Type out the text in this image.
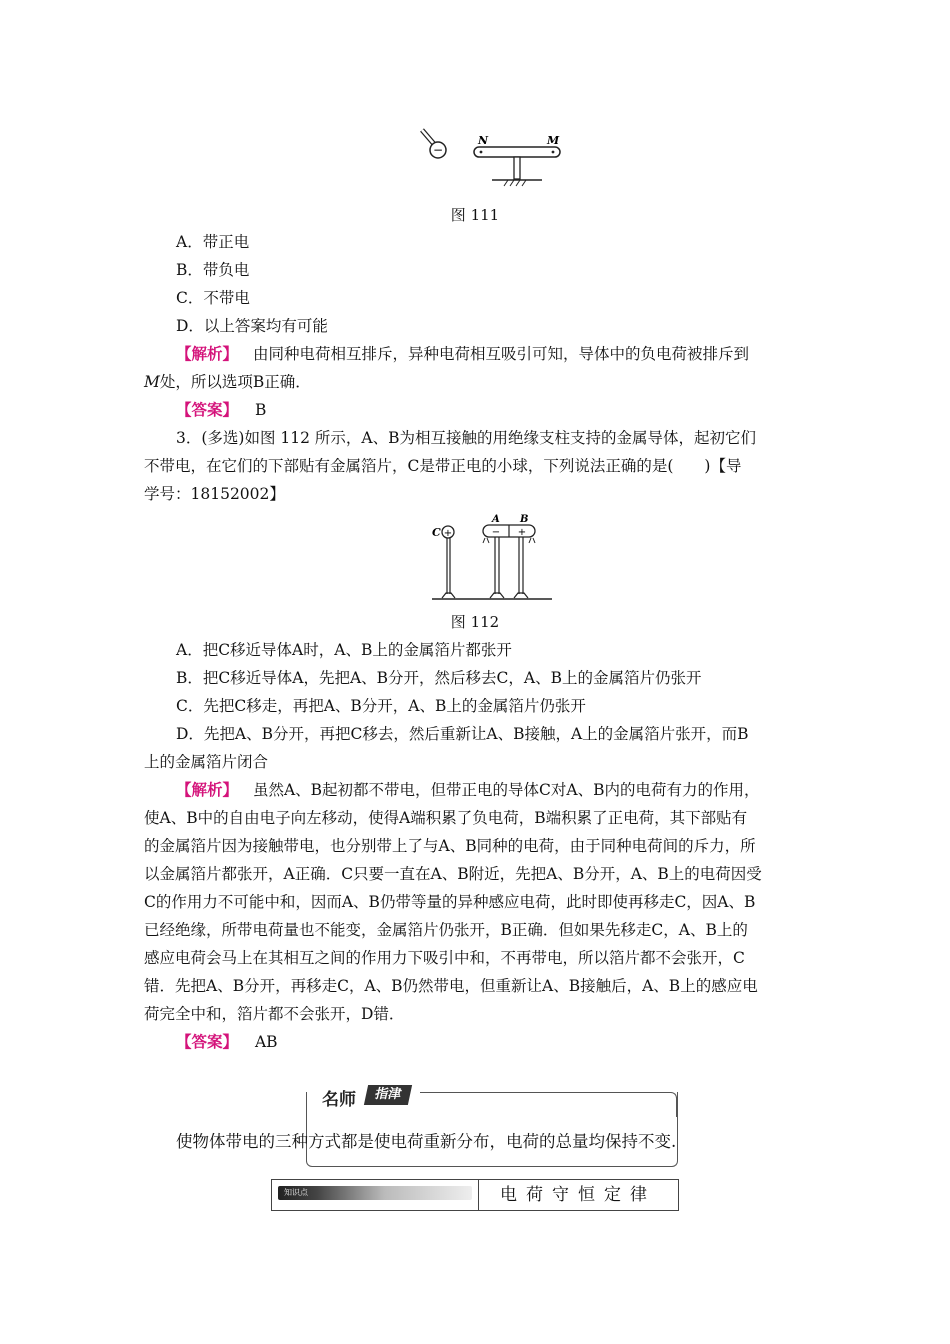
−
N	M
图 111
A．带正电
B．带负电
C．不带电
D．以上答案均有可能
【解析】 由同种电荷相互排斥，异种电荷相互吸引可知，导体中的负电荷被排斥到
M处，所以选项B正确．
【答案】 B
3．(多选)如图 112 所示，A、B为相互接触的用绝缘支柱支持的金属导体，起初它们
不带电，在它们的下部贴有金属箔片，C是带正电的小球，下列说法正确的是(　　)【导
学号：18152002】
C +
A B
− +
图 112
A．把C移近导体A时，A、B上的金属箔片都张开
B．把C移近导体A，先把A、B分开，然后移去C，A、B上的金属箔片仍张开
C．先把C移走，再把A、B分开，A、B上的金属箔片仍张开
D．先把A、B分开，再把C移去，然后重新让A、B接触，A上的金属箔片张开，而B
上的金属箔片闭合
【解析】 虽然A、B起初都不带电，但带正电的导体C对A、B内的电荷有力的作用，
使A、B中的自由电子向左移动，使得A端积累了负电荷，B端积累了正电荷，其下部贴有
的金属箔片因为接触带电，也分别带上了与A、B同种的电荷，由于同种电荷间的斥力，所
以金属箔片都张开，A正确．C只要一直在A、B附近，先把A、B分开，A、B上的电荷因受
C的作用力不可能中和，因而A、B仍带等量的异种感应电荷，此时即使再移走C，因A、B
已经绝缘，所带电荷量也不能变，金属箔片仍张开，B正确．但如果先移走C，A、B上的
感应电荷会马上在其相互之间的作用力下吸引中和，不再带电，所以箔片都不会张开，C
错．先把A、B分开，再移走C，A、B仍然带电，但重新让A、B接触后，A、B上的感应电
荷完全中和，箔片都不会张开，D错．
【答案】 AB
名师	指津
使物体带电的三种方式都是使电荷重新分布，电荷的总量均保持不变.
知识点	电荷守恒定律
